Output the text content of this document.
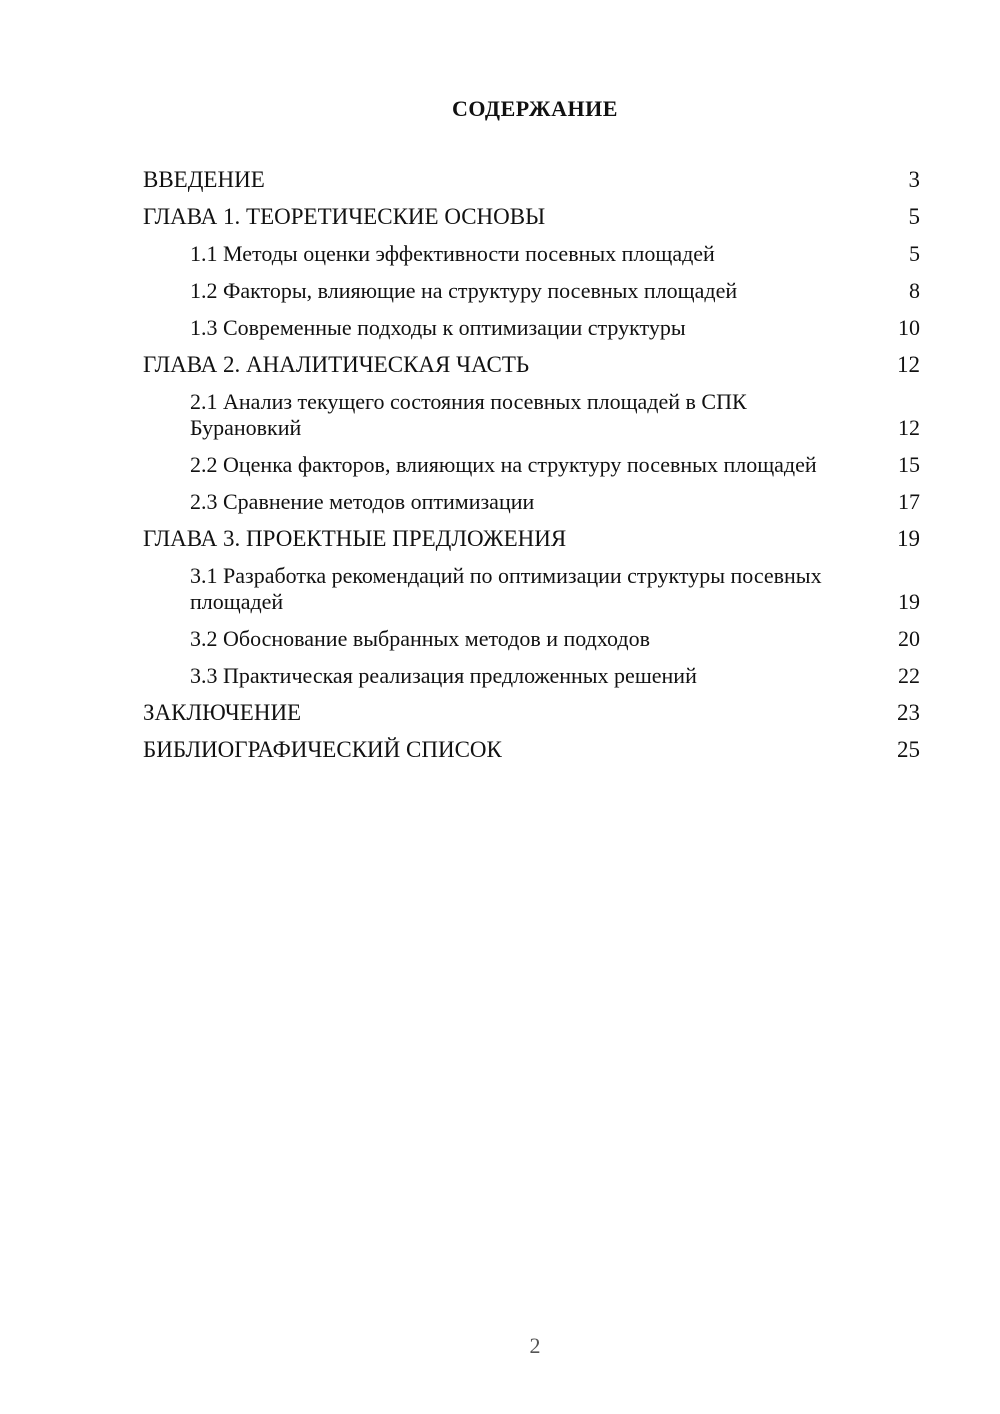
СОДЕРЖАНИЕ
ВВЕДЕНИЕ	3
ГЛАВА 1. ТЕОРЕТИЧЕСКИЕ ОСНОВЫ	5
1.1 Методы оценки эффективности посевных площадей	5
1.2 Факторы, влияющие на структуру посевных площадей	8
1.3 Современные подходы к оптимизации структуры	10
ГЛАВА 2. АНАЛИТИЧЕСКАЯ ЧАСТЬ	12
2.1 Анализ текущего состояния посевных площадей в СПК Бурановкий	12
2.2 Оценка факторов, влияющих на структуру посевных площадей	15
2.3 Сравнение методов оптимизации	17
ГЛАВА 3. ПРОЕКТНЫЕ ПРЕДЛОЖЕНИЯ	19
3.1 Разработка рекомендаций по оптимизации структуры посевных площадей	19
3.2 Обоснование выбранных методов и подходов	20
3.3 Практическая реализация предложенных решений	22
ЗАКЛЮЧЕНИЕ	23
БИБЛИОГРАФИЧЕСКИЙ СПИСОК	25
2
